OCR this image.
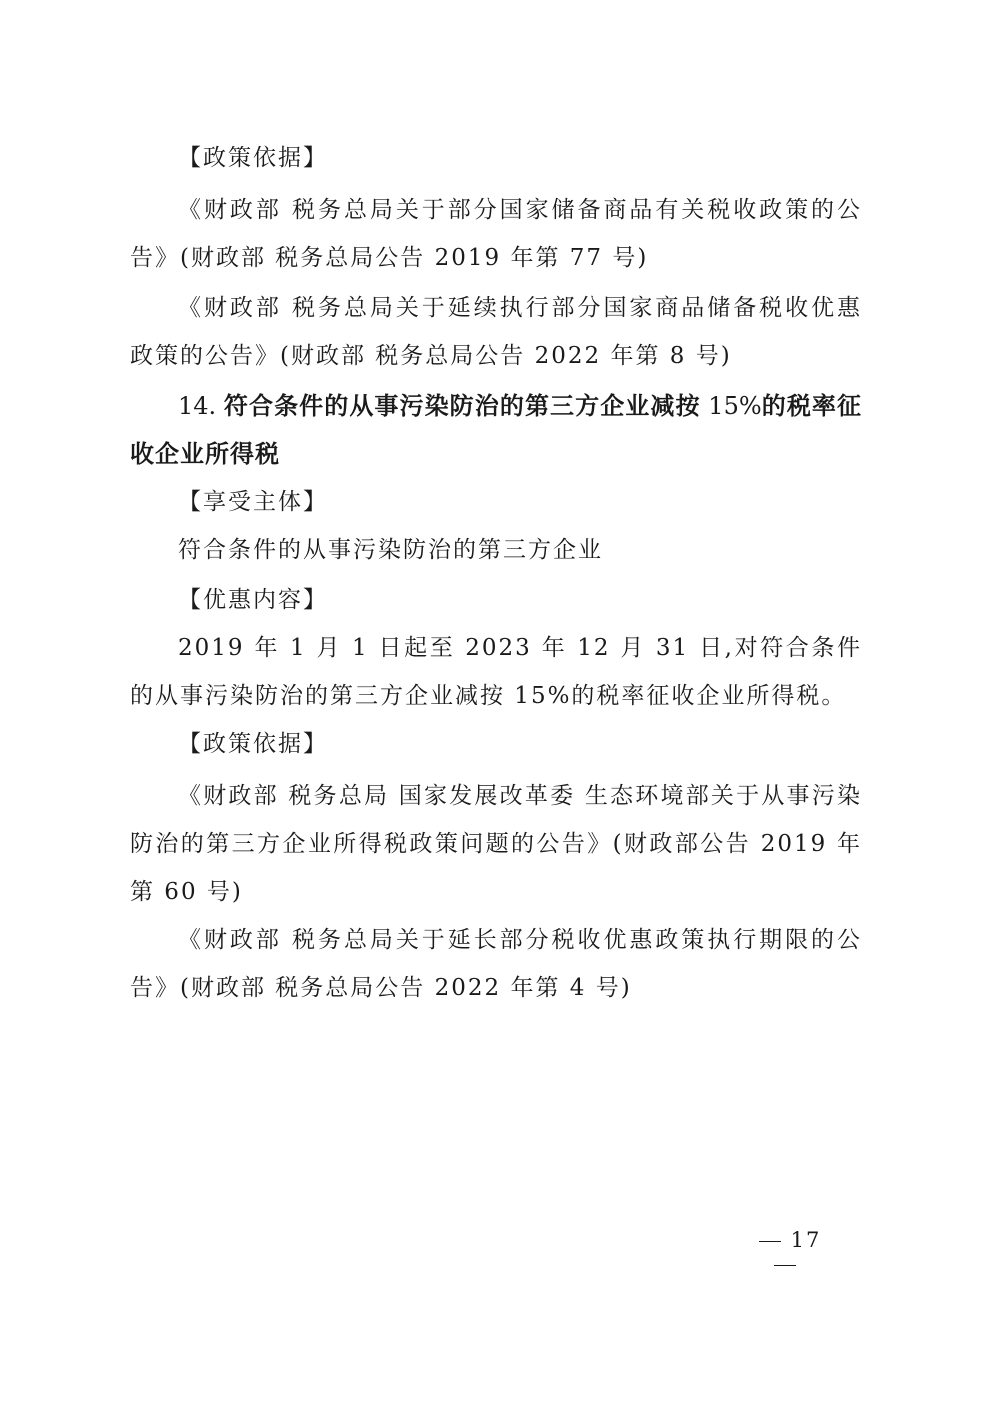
【政策依据】

《财政部 税务总局关于部分国家储备商品有关税收政策的公告》(财政部 税务总局公告 2019 年第 77 号)

《财政部 税务总局关于延续执行部分国家商品储备税收优惠政策的公告》(财政部 税务总局公告 2022 年第 8 号)

14. 符合条件的从事污染防治的第三方企业减按 15%的税率征收企业所得税

【享受主体】

符合条件的从事污染防治的第三方企业

【优惠内容】

2019 年 1 月 1 日起至 2023 年 12 月 31 日,对符合条件的从事污染防治的第三方企业减按 15%的税率征收企业所得税。

【政策依据】

《财政部 税务总局 国家发展改革委 生态环境部关于从事污染防治的第三方企业所得税政策问题的公告》(财政部公告 2019 年第 60 号)

《财政部 税务总局关于延长部分税收优惠政策执行期限的公告》(财政部 税务总局公告 2022 年第 4 号)

17
